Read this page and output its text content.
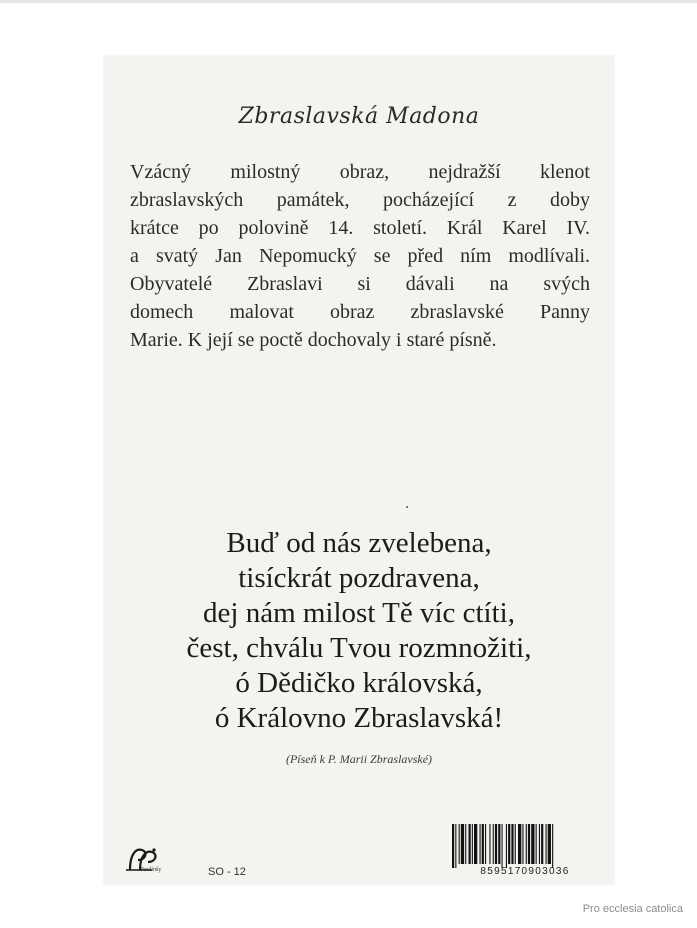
Zbraslavská Madona
Vzácný milostný obraz, nejdražší klenot
zbraslavských památek, pocházející z doby
krátce po polovině 14. století. Král Karel IV.
a svatý Jan Nepomucký se před ním modlívali.
Obyvatelé Zbraslavi si dávali na svých
domech malovat obraz zbraslavské Panny
Marie. K její se poctě dochovaly i staré písně.
Buď od nás zvelebena,
tisíckrát pozdravena,
dej nám milost Tě víc ctíti,
čest, chválu Tvou rozmnožiti,
ó Dědičko královská,
ó Královno Zbraslavská!
(Píseň k P. Marii Zbraslavské)
Paulínky	SO - 12	8595170903036
Pro ecclesia catolica
